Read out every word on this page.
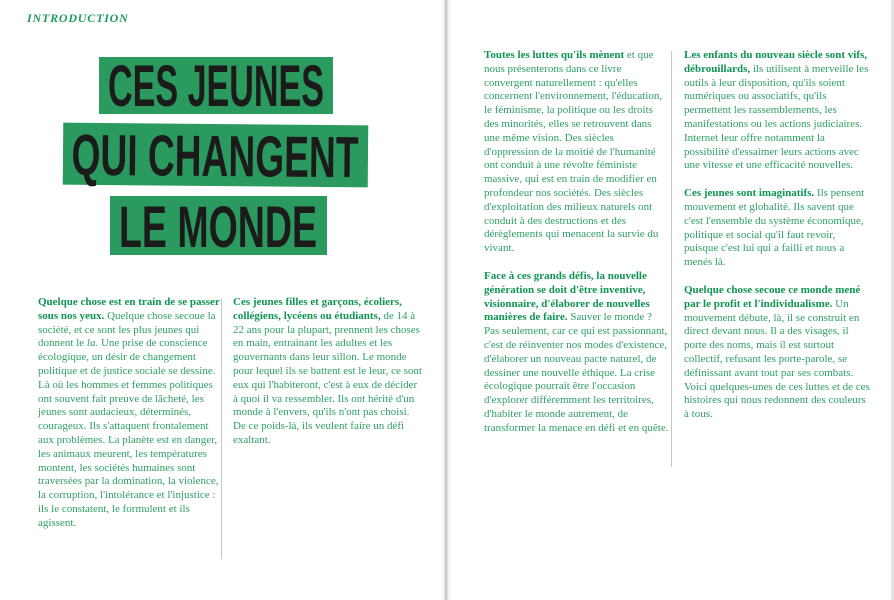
INTRODUCTION
CES JEUNES
QUI CHANGENT
LE MONDE

Quelque chose est en train de se passer sous nos yeux. Quelque chose secoue la société, et ce sont les plus jeunes qui donnent le la. Une prise de conscience écologique, un désir de changement politique et de justice sociale se dessine. Là où les hommes et femmes politiques ont souvent fait preuve de lâcheté, les jeunes sont audacieux, déterminés, courageux. Ils s'attaquent frontalement aux problèmes. La planète est en danger, les animaux meurent, les températures montent, les sociétés humaines sont traversées par la domination, la violence, la corruption, l'intolérance et l'injustice : ils le constatent, le formulent et ils agissent.

Ces jeunes filles et garçons, écoliers, collégiens, lycéens ou étudiants, de 14 à 22 ans pour la plupart, prennent les choses en main, entrainant les adultes et les gouvernants dans leur sillon. Le monde pour lequel ils se battent est le leur, ce sont eux qui l'habiteront, c'est à eux de décider à quoi il va ressembler. Ils ont hérité d'un monde à l'envers, qu'ils n'ont pas choisi. De ce poids-là, ils veulent faire un défi exaltant.

Toutes les luttes qu'ils mènent et que nous présenterons dans ce livre convergent naturellement : qu'elles concernent l'environnement, l'éducation, le féminisme, la politique ou les droits des minorités, elles se retrouvent dans une même vision. Des siècles d'oppression de la moitié de l'humanité ont conduit à une révolte féministe massive, qui est en train de modifier en profondeur nos sociétés. Des siècles d'exploitation des milieux naturels ont conduit à des destructions et des dérèglements qui menacent la survie du vivant.

Face à ces grands défis, la nouvelle génération se doit d'être inventive, visionnaire, d'élaborer de nouvelles manières de faire. Sauver le monde ? Pas seulement, car ce qui est passionnant, c'est de réinventer nos modes d'existence, d'élaborer un nouveau pacte naturel, de dessiner une nouvelle éthique. La crise écologique pourrait être l'occasion d'explorer différemment les territoires, d'habiter le monde autrement, de transformer la menace en défi et en quête.

Les enfants du nouveau siècle sont vifs, débrouillards, ils utilisent à merveille les outils à leur disposition, qu'ils soient numériques ou associatifs, qu'ils permettent les rassemblements, les manifestations ou les actions judiciaires. Internet leur offre notamment la possibilité d'essaimer leurs actions avec une vitesse et une efficacité nouvelles.

Ces jeunes sont imaginatifs. Ils pensent mouvement et globalité. Ils savent que c'est l'ensemble du système économique, politique et social qu'il faut revoir, puisque c'est lui qui a failli et nous a menés là.

Quelque chose secoue ce monde mené par le profit et l'individualisme. Un mouvement débute, là, il se construit en direct devant nous. Il a des visages, il porte des noms, mais il est surtout collectif, refusant les porte-parole, se définissant avant tout par ses combats. Voici quelques-unes de ces luttes et de ces histoires qui nous redonnent des couleurs à tous.
